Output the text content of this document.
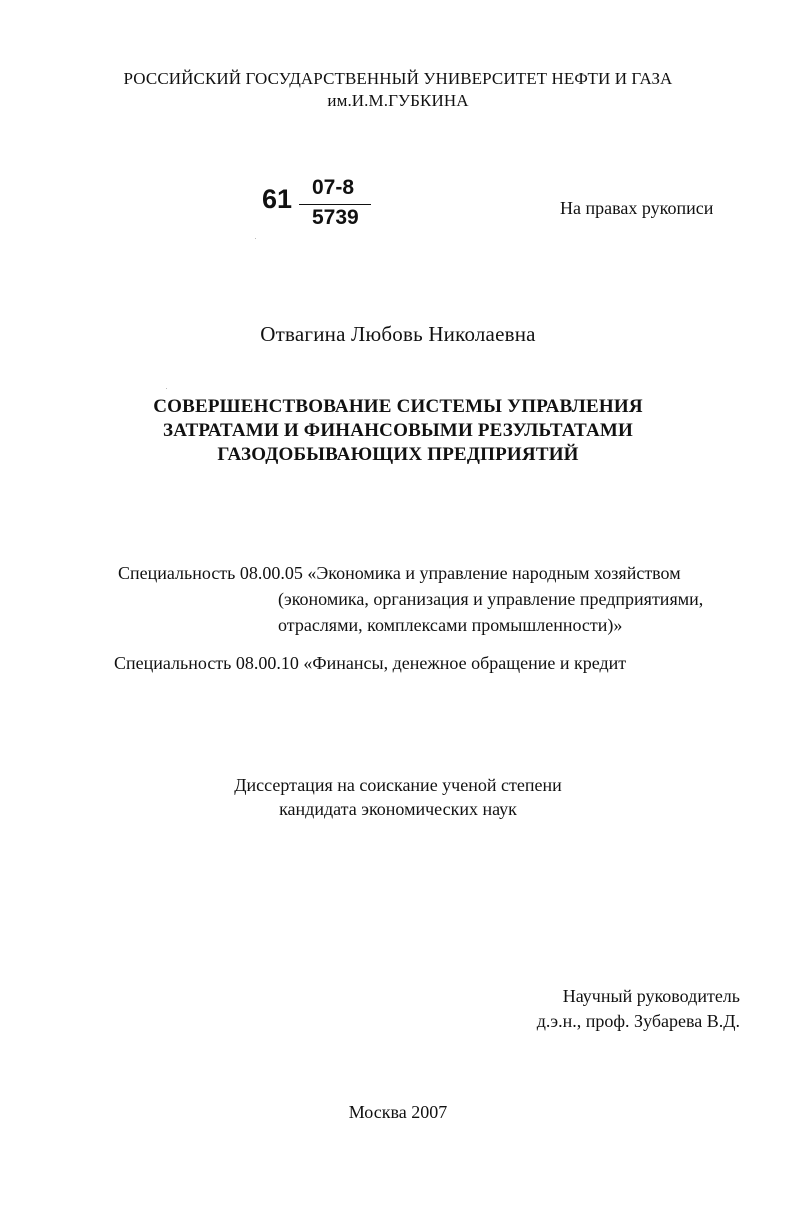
РОССИЙСКИЙ ГОСУДАРСТВЕННЫЙ УНИВЕРСИТЕТ НЕФТИ И ГАЗА
им.И.М.ГУБКИНА
61 07-8
5739	На правах рукописи
Отвагина Любовь Николаевна
СОВЕРШЕНСТВОВАНИЕ СИСТЕМЫ УПРАВЛЕНИЯ
ЗАТРАТАМИ И ФИНАНСОВЫМИ РЕЗУЛЬТАТАМИ
ГАЗОДОБЫВАЮЩИХ ПРЕДПРИЯТИЙ
Специальность 08.00.05 «Экономика и управление народным хозяйством
(экономика, организация и управление предприятиями,
отраслями, комплексами промышленности)»
Специальность 08.00.10 «Финансы, денежное обращение и кредит
Диссертация на соискание ученой степени
кандидата экономических наук
Научный руководитель
д.э.н., проф. Зубарева В.Д.
Москва 2007
